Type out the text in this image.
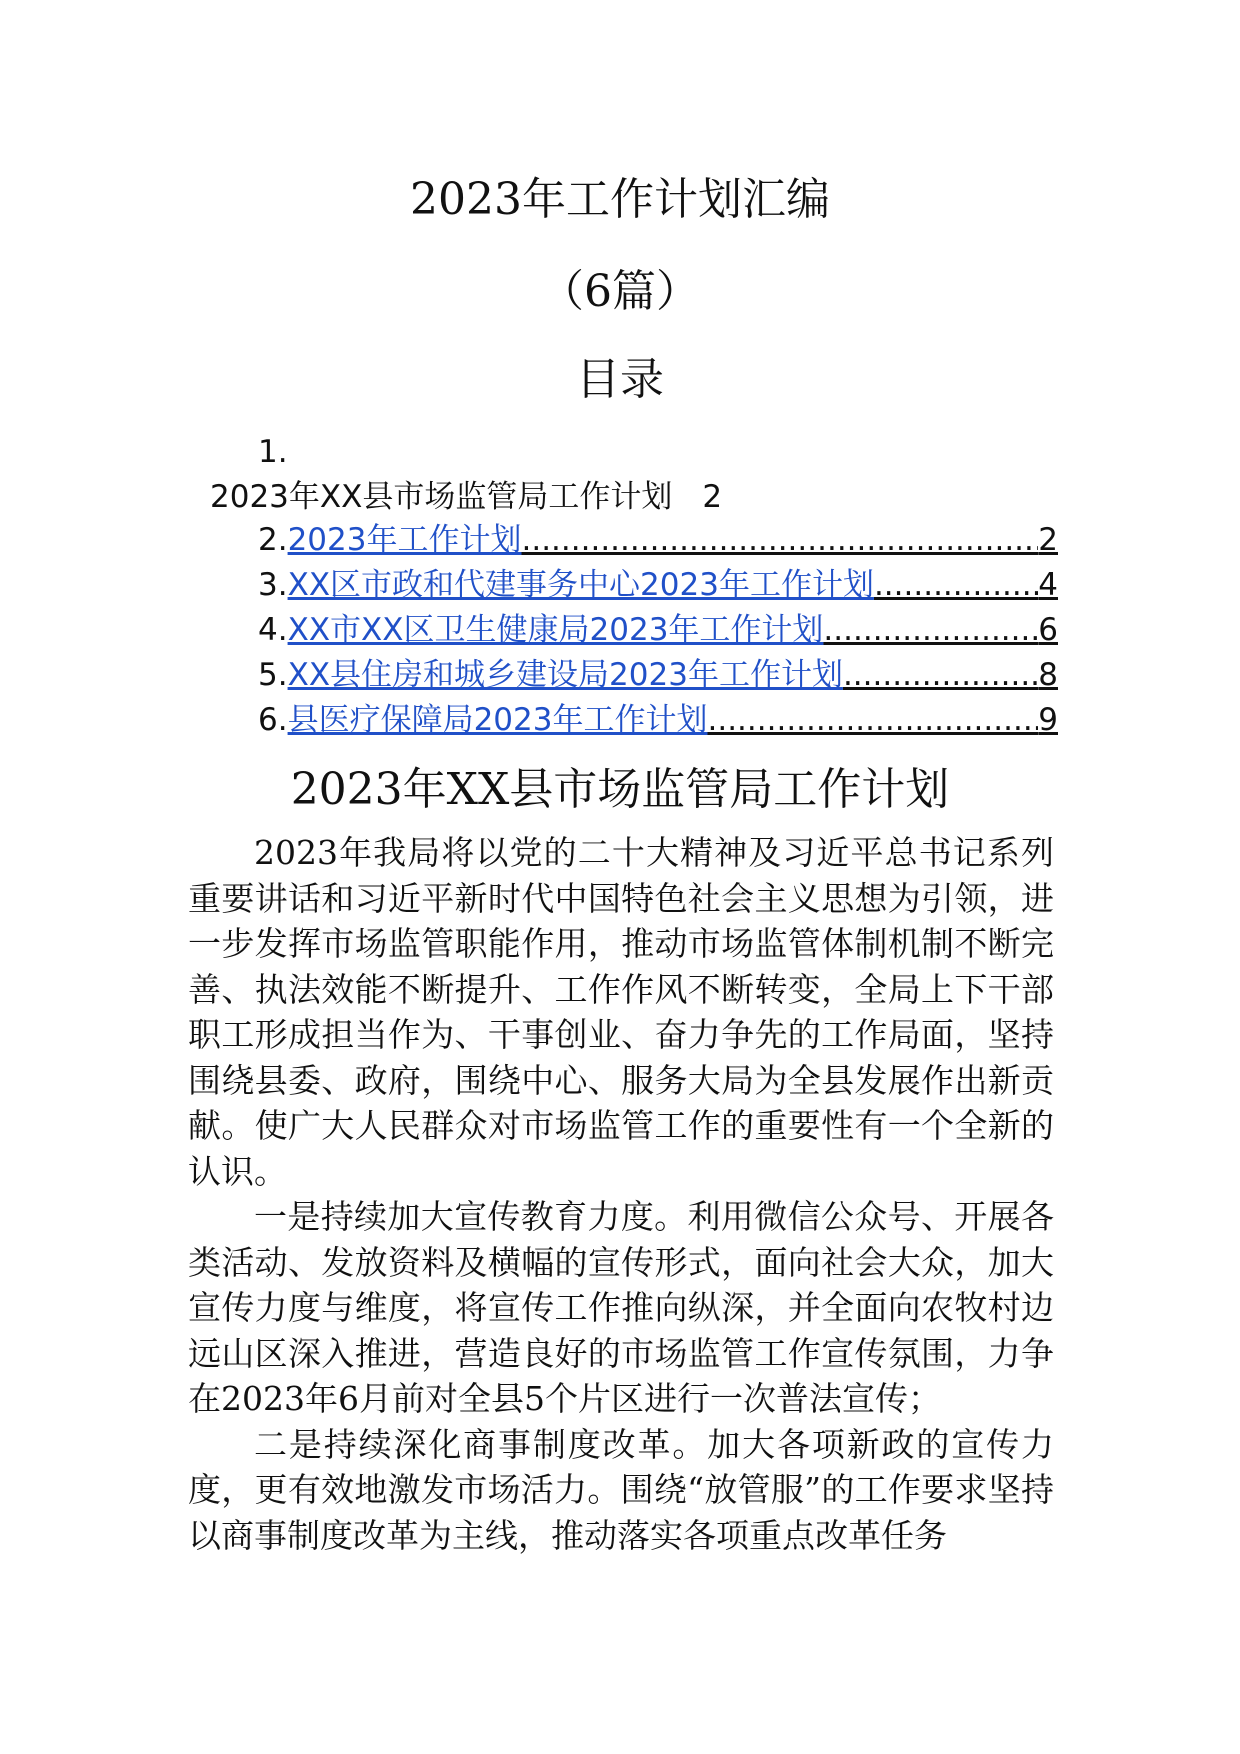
2023年工作计划汇编
（6篇）
目录
1.
2023年XX县市场监管局工作计划 2
2. 2023年工作计划 .....	2
3. XX区市政和代建事务中心2023年工作计划 .....	4
4. XX市XX区卫生健康局2023年工作计划 .....	6
5. XX县住房和城乡建设局2023年工作计划 .....	8
6. 县医疗保障局2023年工作计划 .....	9
2023年XX县市场监管局工作计划

2023年我局将以党的二十大精神及习近平总书记系列重要讲话和习近平新时代中国特色社会主义思想为引领，进一步发挥市场监管职能作用，推动市场监管体制机制不断完善、执法效能不断提升、工作作风不断转变，全局上下干部职工形成担当作为、干事创业、奋力争先的工作局面，坚持围绕县委、政府，围绕中心、服务大局为全县发展作出新贡献。使广大人民群众对市场监管工作的重要性有一个全新的认识。

一是持续加大宣传教育力度。利用微信公众号、开展各类活动、发放资料及横幅的宣传形式，面向社会大众，加大宣传力度与维度，将宣传工作推向纵深，并全面向农牧村边远山区深入推进，营造良好的市场监管工作宣传氛围，力争在2023年6月前对全县5个片区进行一次普法宣传；

二是持续深化商事制度改革。加大各项新政的宣传力度，更有效地激发市场活力。围绕“放管服”的工作要求坚持以商事制度改革为主线，推动落实各项重点改革任务
